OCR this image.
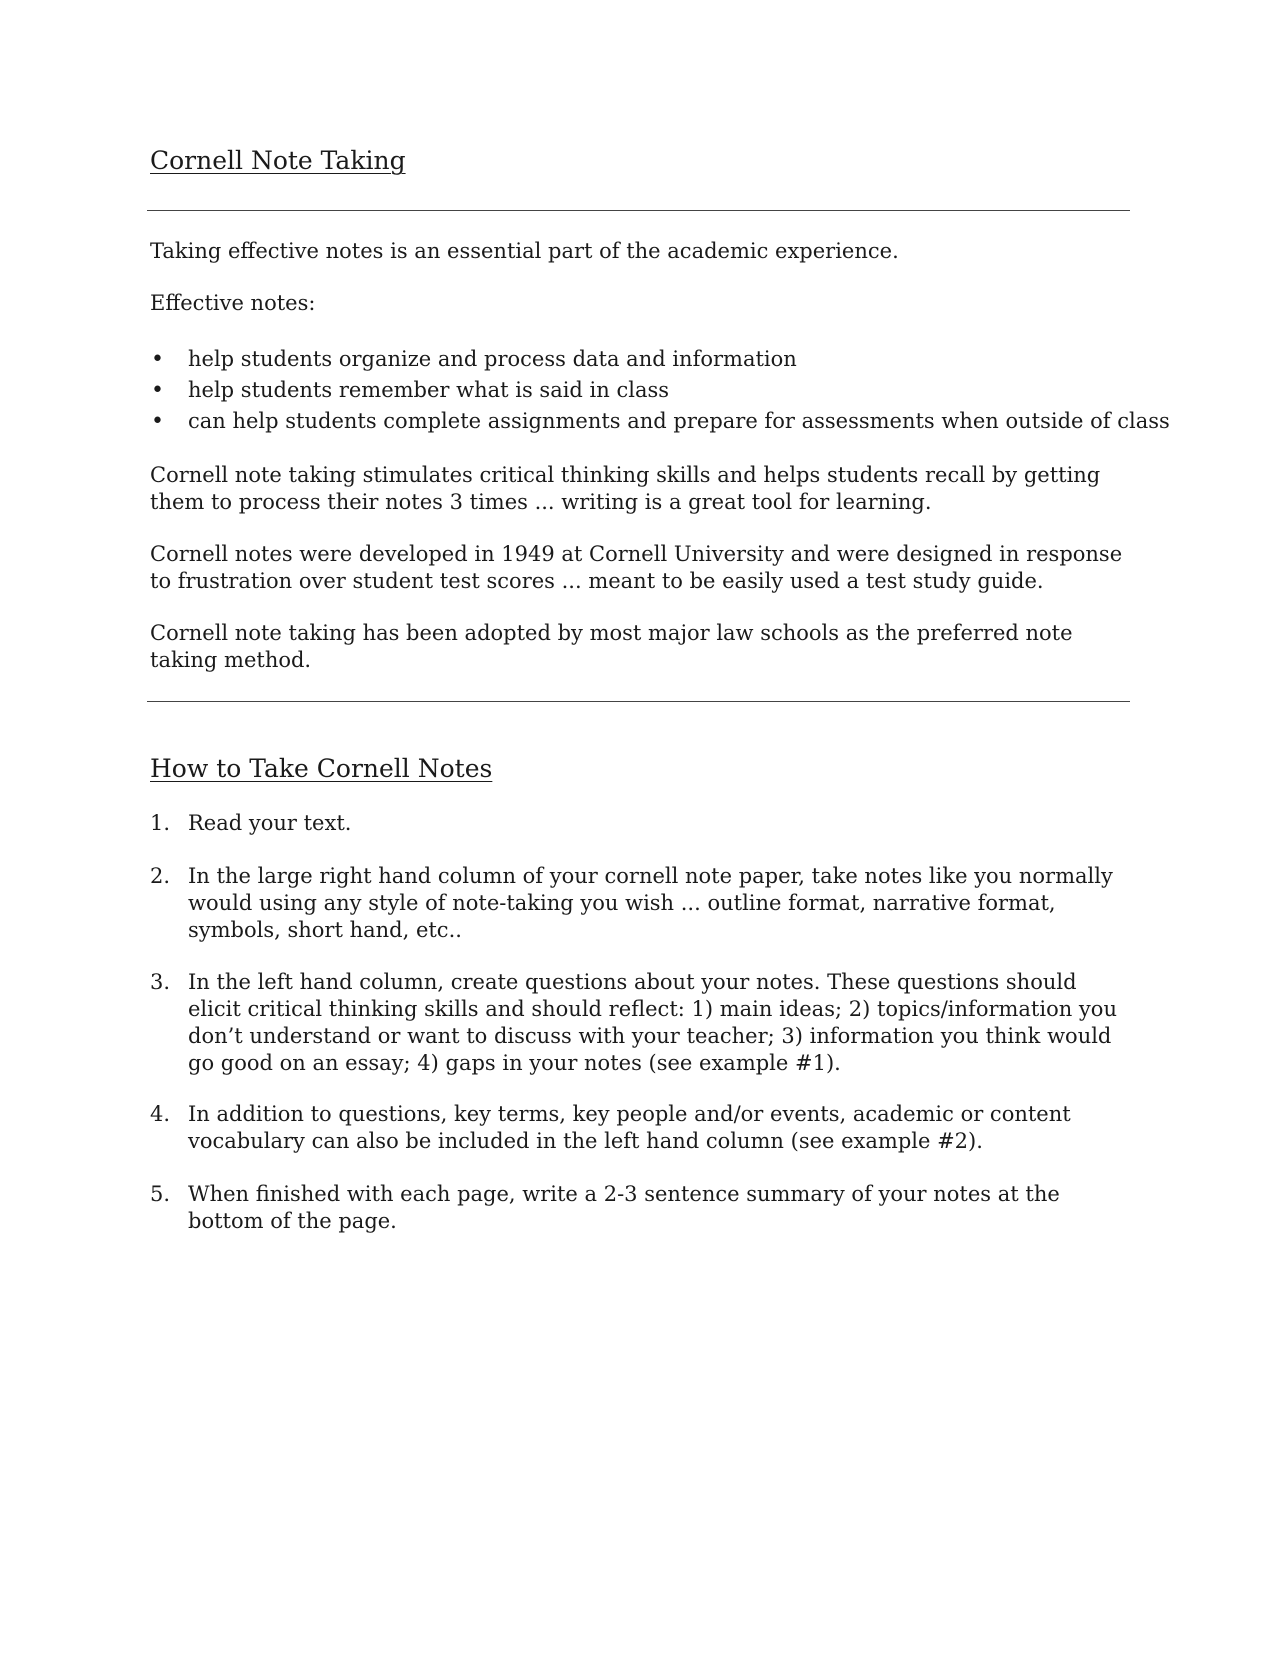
Cornell Note Taking

Taking effective notes is an essential part of the academic experience.

Effective notes:

• help students organize and process data and information
• help students remember what is said in class
• can help students complete assignments and prepare for assessments when outside of class

Cornell note taking stimulates critical thinking skills and helps students recall by getting them to process their notes 3 times ... writing is a great tool for learning.

Cornell notes were developed in 1949 at Cornell University and were designed in response to frustration over student test scores ... meant to be easily used a test study guide.

Cornell note taking has been adopted by most major law schools as the preferred note taking method.

How to Take Cornell Notes
1. Read your text.
2. In the large right hand column of your cornell note paper, take notes like you normally would using any style of note-taking you wish ... outline format, narrative format, symbols, short hand, etc..
3. In the left hand column, create questions about your notes. These questions should elicit critical thinking skills and should reflect: 1) main ideas; 2) topics/information you don’t understand or want to discuss with your teacher; 3) information you think would go good on an essay; 4) gaps in your notes (see example #1).
4. In addition to questions, key terms, key people and/or events, academic or content vocabulary can also be included in the left hand column (see example #2).
5. When finished with each page, write a 2-3 sentence summary of your notes at the bottom of the page.
